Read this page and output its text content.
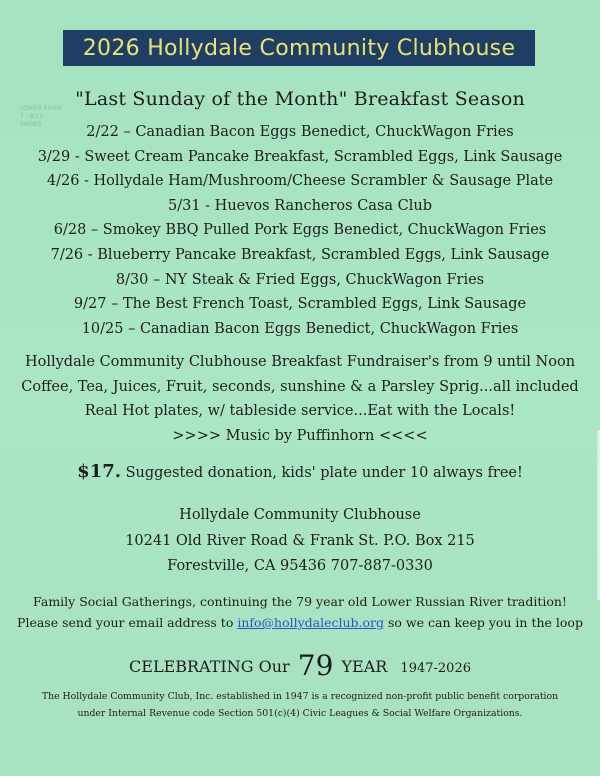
2026 Hollydale Community Clubhouse
LOWER RIVER
7 - 8/11
MARKS
"Last Sunday of the Month" Breakfast Season
2/22 – Canadian Bacon Eggs Benedict, ChuckWagon Fries
3/29 - Sweet Cream Pancake Breakfast, Scrambled Eggs, Link Sausage
4/26 - Hollydale Ham/Mushroom/Cheese Scrambler & Sausage Plate
5/31 - Huevos Rancheros Casa Club
6/28 – Smokey BBQ Pulled Pork Eggs Benedict, ChuckWagon Fries
7/26 - Blueberry Pancake Breakfast, Scrambled Eggs, Link Sausage
8/30 – NY Steak & Fried Eggs, ChuckWagon Fries
9/27 – The Best French Toast, Scrambled Eggs, Link Sausage
10/25 – Canadian Bacon Eggs Benedict, ChuckWagon Fries
Hollydale Community Clubhouse Breakfast Fundraiser's from 9 until Noon
Coffee, Tea, Juices, Fruit, seconds, sunshine & a Parsley Sprig...all included
Real Hot plates, w/ tableside service...Eat with the Locals!
>>>> Music by Puffinhorn <<<<
$17. Suggested donation, kids' plate under 10 always free!
Hollydale Community Clubhouse
10241 Old River Road & Frank St. P.O. Box 215
Forestville, CA 95436 707-887-0330
Family Social Gatherings, continuing the 79 year old Lower Russian River tradition!
Please send your email address to info@hollydaleclub.org so we can keep you in the loop
CELEBRATING Our 79 YEAR 1947-2026
The Hollydale Community Club, Inc. established in 1947 is a recognized non-profit public benefit corporation
under Internal Revenue code Section 501(c)(4) Civic Leagues & Social Welfare Organizations.
